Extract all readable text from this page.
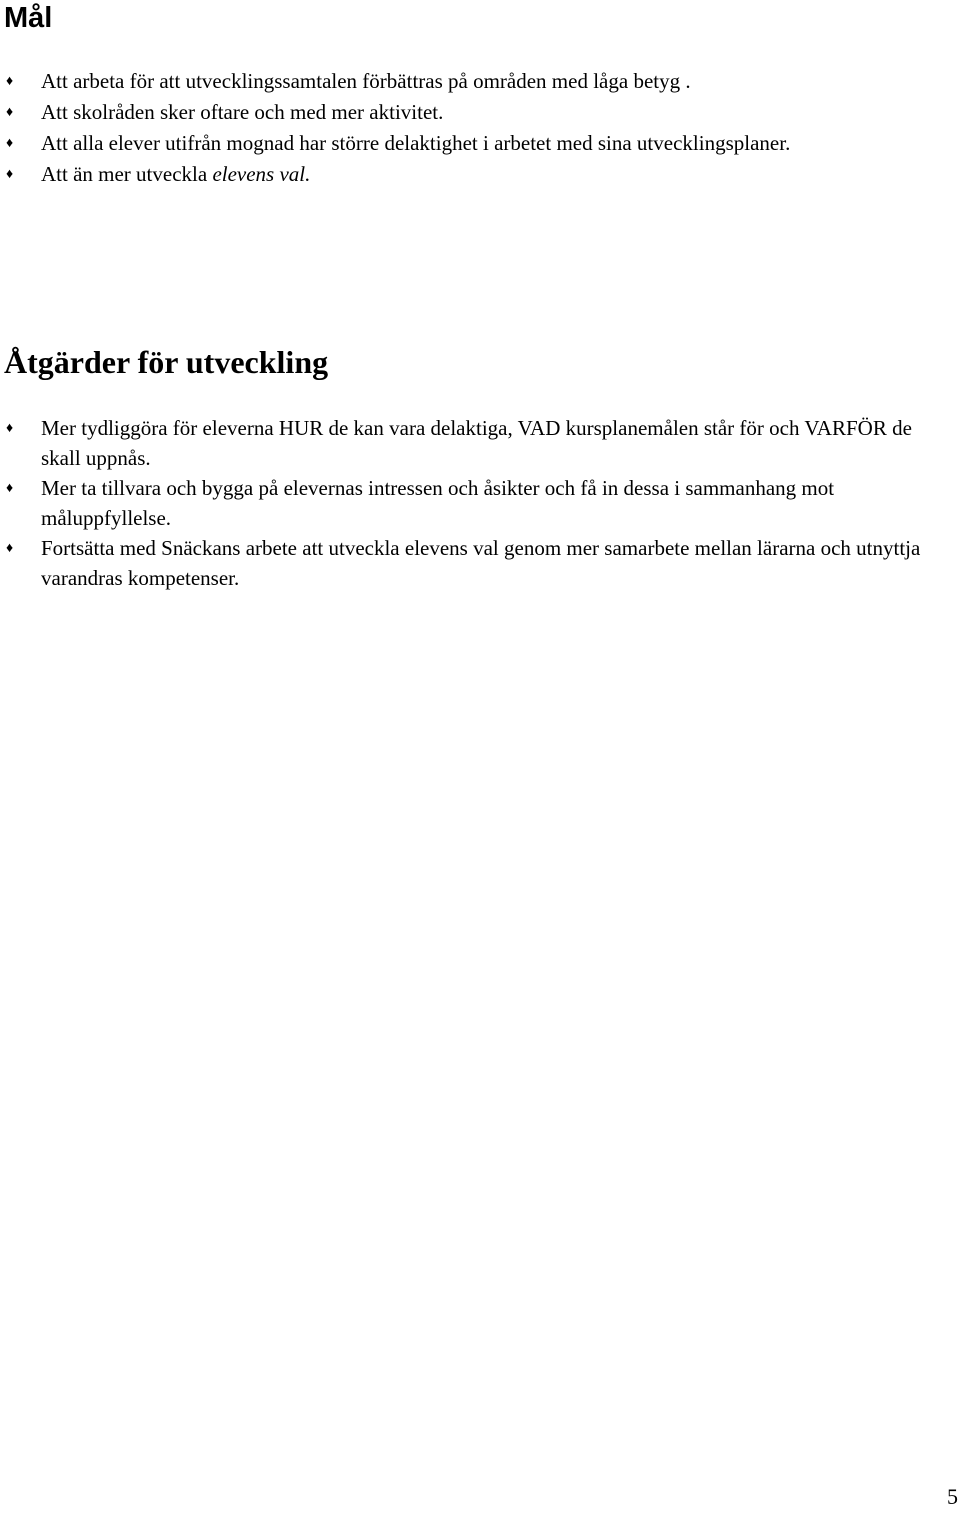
Mål
♦ Att arbeta för att utvecklingssamtalen förbättras på områden med låga betyg .
♦ Att skolråden sker oftare och med mer aktivitet.
♦ Att alla elever utifrån mognad har större delaktighet i arbetet med sina utvecklingsplaner.
♦ Att än mer utveckla elevens val.
Åtgärder för utveckling
♦ Mer tydliggöra för eleverna HUR de kan vara delaktiga, VAD kursplanemålen står för och VARFÖR de skall uppnås.
♦ Mer ta tillvara och bygga på elevernas intressen och åsikter och få in dessa i sammanhang mot måluppfyllelse.
♦ Fortsätta med Snäckans arbete att utveckla elevens val genom mer samarbete mellan lärarna och utnyttja varandras kompetenser.
5
